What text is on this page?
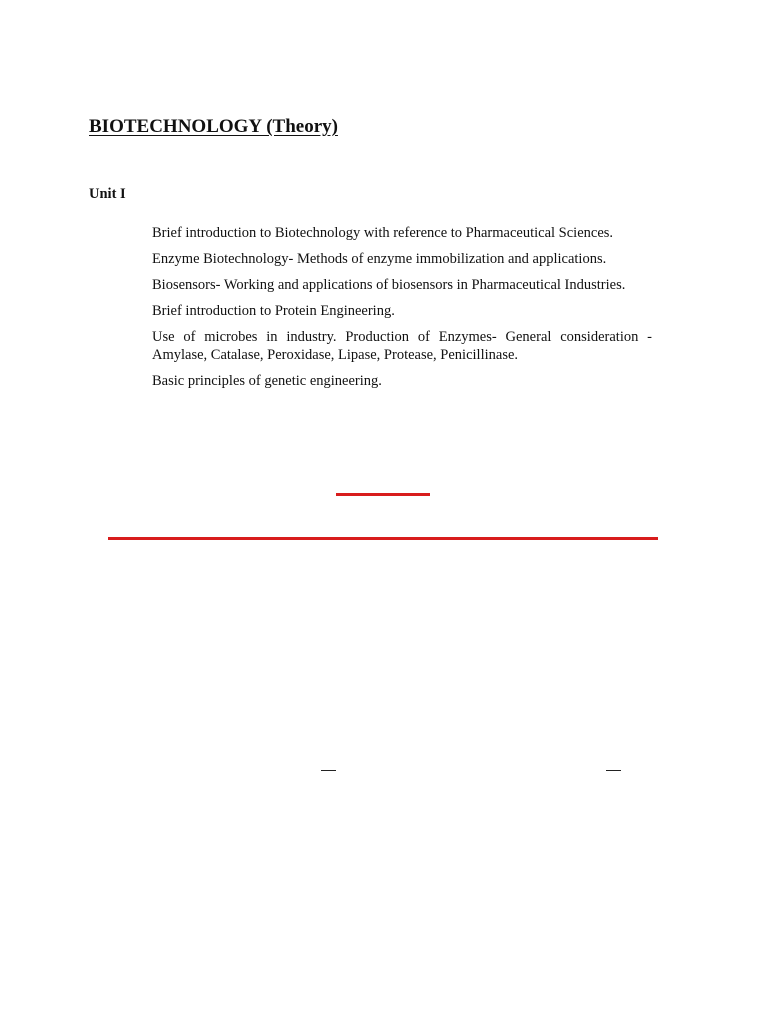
BIOTECHNOLOGY (Theory)
Unit I
Brief introduction to Biotechnology with reference to Pharmaceutical Sciences.
Enzyme Biotechnology- Methods of enzyme immobilization and applications.
Biosensors- Working and applications of biosensors in Pharmaceutical Industries.
Brief introduction to Protein Engineering.
Use of microbes in industry. Production of Enzymes- General consideration - Amylase, Catalase, Peroxidase, Lipase, Protease, Penicillinase.
Basic principles of genetic engineering.
